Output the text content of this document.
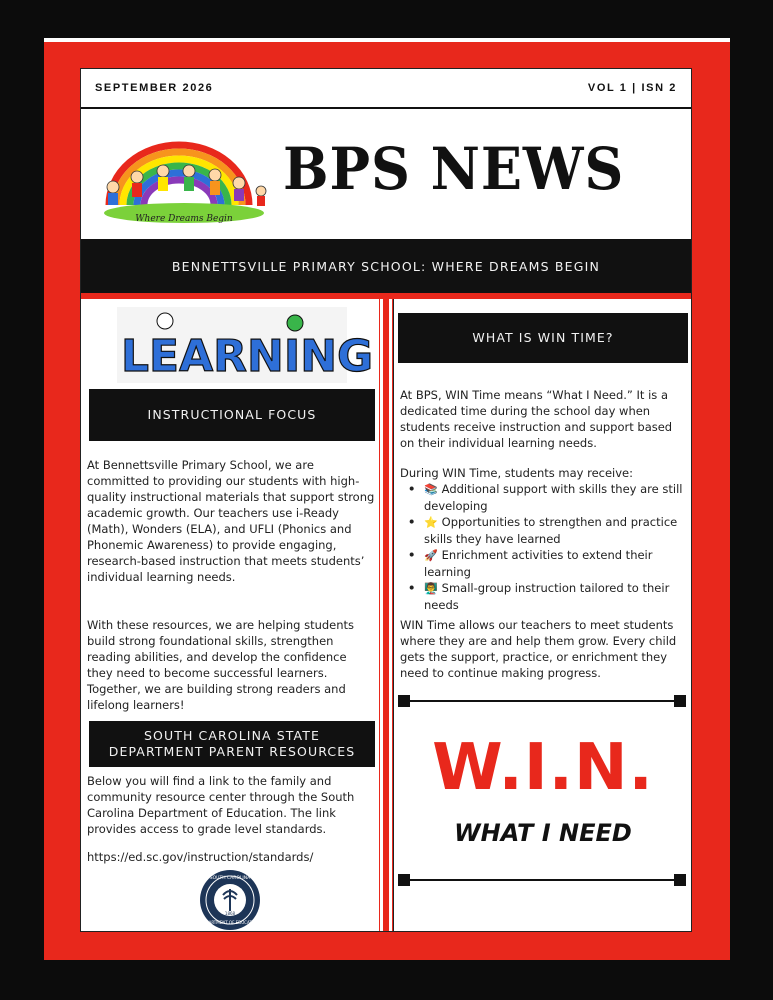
SEPTEMBER 2026	VOL 1 | ISN 2
Where Dreams Begin
BPS NEWS
BENNETTSVILLE PRIMARY SCHOOL: WHERE DREAMS BEGIN
LEARNING
INSTRUCTIONAL FOCUS

At Bennettsville Primary School, we are committed to providing our students with high-quality instructional materials that support strong academic growth. Our teachers use i-Ready (Math), Wonders (ELA), and UFLI (Phonics and Phonemic Awareness) to provide engaging, research-based instruction that meets students’ individual learning needs.

With these resources, we are helping students build strong foundational skills, strengthen reading abilities, and develop the confidence they need to become successful learners. Together, we are building strong readers and lifelong learners!

SOUTH CAROLINA STATE
DEPARTMENT PARENT RESOURCES

Below you will find a link to the family and community resource center through the South Carolina Department of Education. The link provides access to grade level standards.

https://ed.sc.gov/instruction/standards/

SOUTH CAROLINA
DEPARTMENT OF EDUCATION
1868
WHAT IS WIN TIME?

At BPS, WIN Time means “What I Need.” It is a dedicated time during the school day when students receive instruction and support based on their individual learning needs.

During WIN Time, students may receive:

• 📚 Additional support with skills they are still developing
• ⭐ Opportunities to strengthen and practice skills they have learned
• 🚀 Enrichment activities to extend their learning
• 👨‍🏫 Small-group instruction tailored to their needs

WIN Time allows our teachers to meet students where they are and help them grow. Every child gets the support, practice, or enrichment they need to continue making progress.

W.I.N.
WHAT I NEED
